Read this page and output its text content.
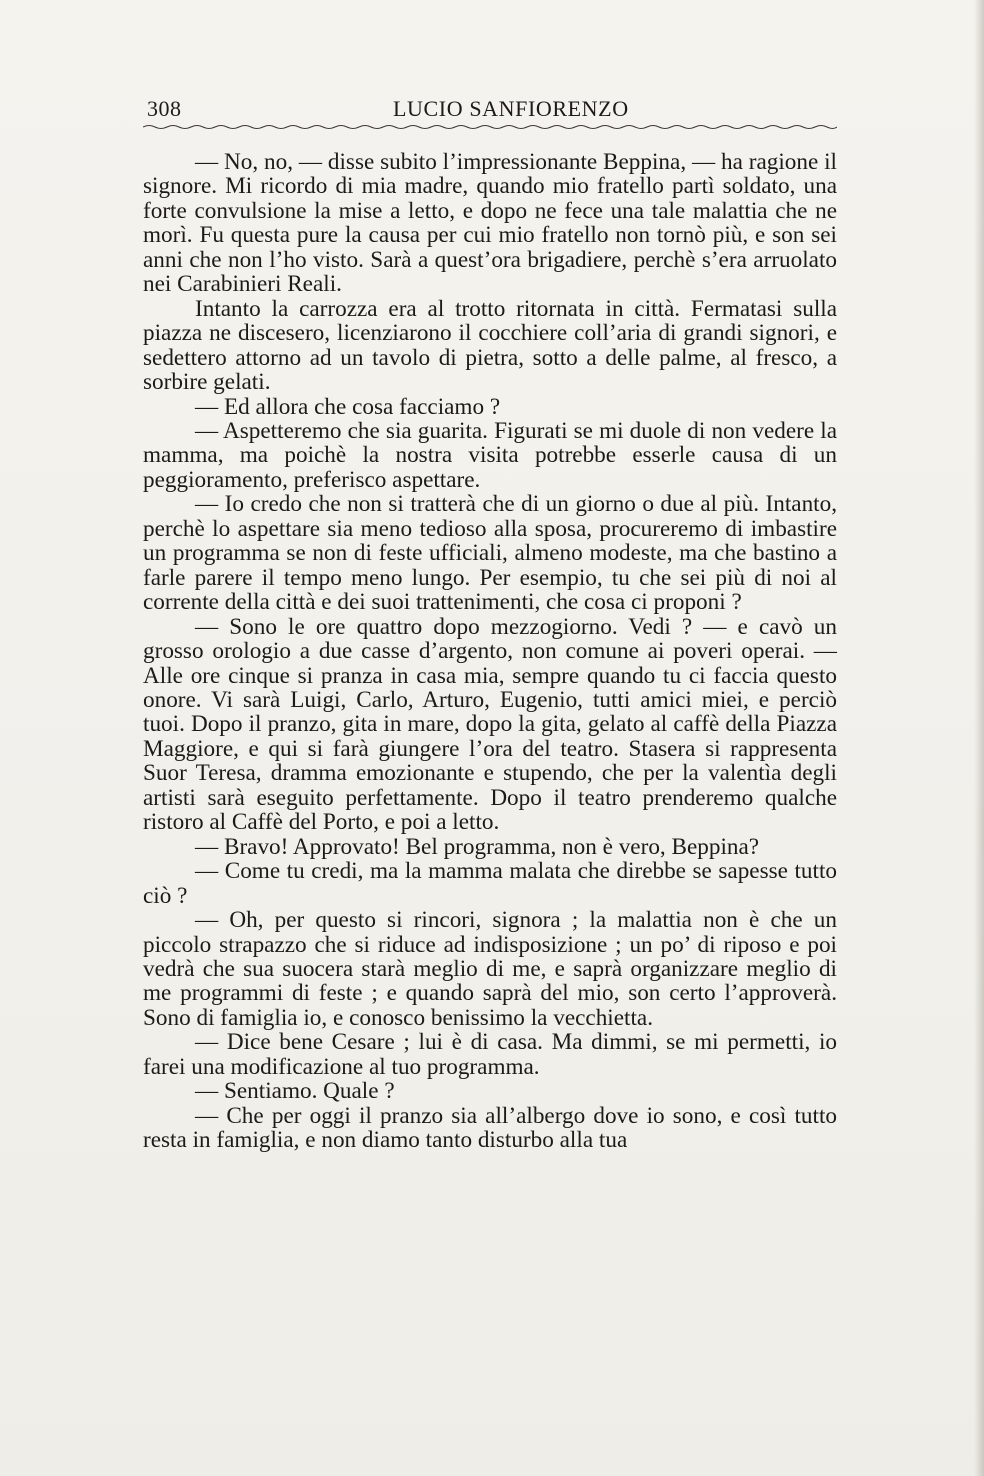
308	LUCIO SANFIORENZO

— No, no, — disse subito l’impressionante Beppina, — ha ragione il signore. Mi ricordo di mia madre, quando mio fratello partì soldato, una forte convulsione la mise a letto, e dopo ne fece una tale malattia che ne morì. Fu questa pure la causa per cui mio fratello non tornò più, e son sei anni che non l’ho visto. Sarà a quest’ora brigadiere, perchè s’era arruolato nei Carabinieri Reali.

Intanto la carrozza era al trotto ritornata in città. Fermatasi sulla piazza ne discesero, licenziarono il cocchiere coll’aria di grandi signori, e sedettero attorno ad un tavolo di pietra, sotto a delle palme, al fresco, a sorbire gelati.

— Ed allora che cosa facciamo ?

— Aspetteremo che sia guarita. Figurati se mi duole di non vedere la mamma, ma poichè la nostra visita potrebbe esserle causa di un peggioramento, preferisco aspettare.

— Io credo che non si tratterà che di un giorno o due al più. Intanto, perchè lo aspettare sia meno tedioso alla sposa, procureremo di imbastire un programma se non di feste ufficiali, almeno modeste, ma che bastino a farle parere il tempo meno lungo. Per esempio, tu che sei più di noi al corrente della città e dei suoi trattenimenti, che cosa ci proponi ?

— Sono le ore quattro dopo mezzogiorno. Vedi ? — e cavò un grosso orologio a due casse d’argento, non comune ai poveri operai. — Alle ore cinque si pranza in casa mia, sempre quando tu ci faccia questo onore. Vi sarà Luigi, Carlo, Arturo, Eugenio, tutti amici miei, e perciò tuoi. Dopo il pranzo, gita in mare, dopo la gita, gelato al caffè della Piazza Maggiore, e qui si farà giungere l’ora del teatro. Stasera si rappresenta Suor Teresa, dramma emozionante e stupendo, che per la valentìa degli artisti sarà eseguito perfettamente. Dopo il teatro prenderemo qualche ristoro al Caffè del Porto, e poi a letto.

— Bravo! Approvato! Bel programma, non è vero, Beppina?

— Come tu credi, ma la mamma malata che direbbe se sapesse tutto ciò ?

— Oh, per questo si rincori, signora ; la malattia non è che un piccolo strapazzo che si riduce ad indisposizione ; un po’ di riposo e poi vedrà che sua suocera starà meglio di me, e saprà organizzare meglio di me programmi di feste ; e quando saprà del mio, son certo l’approverà. Sono di famiglia io, e conosco benissimo la vecchietta.

— Dice bene Cesare ; lui è di casa. Ma dimmi, se mi permetti, io farei una modificazione al tuo programma.

— Sentiamo. Quale ?

— Che per oggi il pranzo sia all’albergo dove io sono, e così tutto resta in famiglia, e non diamo tanto disturbo alla tua
